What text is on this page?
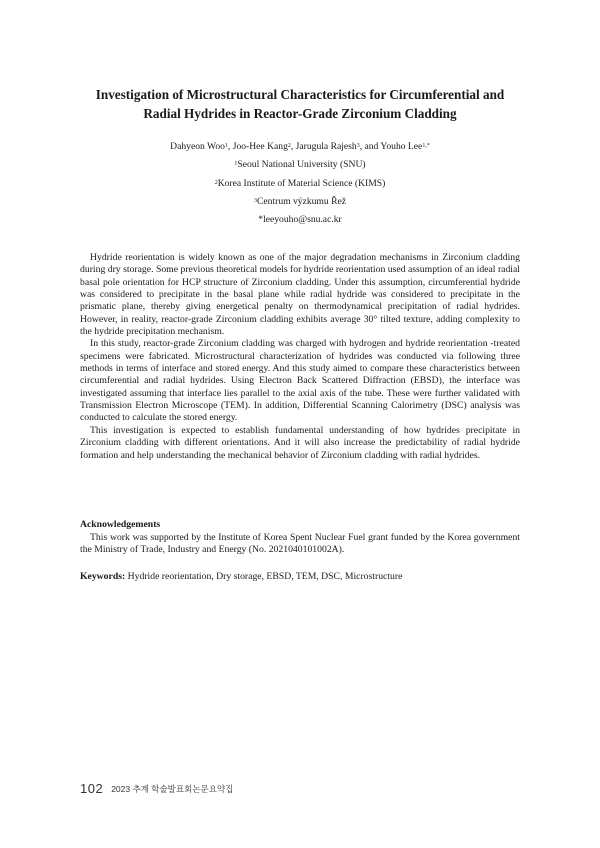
Investigation of Microstructural Characteristics for Circumferential and
Radial Hydrides in Reactor-Grade Zirconium Cladding
Dahyeon Woo$^1$, Joo-Hee Kang$^2$, Jarugula Rajesh$^3$, and Youho Lee$^{1,*}$
$^1$Seoul National University (SNU)
$^2$Korea Institute of Material Science (KIMS)
$^3$Centrum výzkumu Řež
*leeyouho@snu.ac.kr

Hydride reorientation is widely known as one of the major degradation mechanisms in Zirconium cladding during dry storage. Some previous theoretical models for hydride reorientation used assumption of an ideal radial basal pole orientation for HCP structure of Zirconium cladding. Under this assumption, circumferential hydride was considered to precipitate in the basal plane while radial hydride was considered to precipitate in the prismatic plane, thereby giving energetical penalty on thermodynamical precipitation of radial hydrides. However, in reality, reactor-grade Zirconium cladding exhibits average 30° tilted texture, adding complexity to the hydride precipitation mechanism.

In this study, reactor-grade Zirconium cladding was charged with hydrogen and hydride reorientation -treated specimens were fabricated. Microstructural characterization of hydrides was conducted via following three methods in terms of interface and stored energy. And this study aimed to compare these characteristics between circumferential and radial hydrides. Using Electron Back Scattered Diffraction (EBSD), the interface was investigated assuming that interface lies parallel to the axial axis of the tube. These were further validated with Transmission Electron Microscope (TEM). In addition, Differential Scanning Calorimetry (DSC) analysis was conducted to calculate the stored energy.

This investigation is expected to establish fundamental understanding of how hydrides precipitate in Zirconium cladding with different orientations. And it will also increase the predictability of radial hydride formation and help understanding the mechanical behavior of Zirconium cladding with radial hydrides.

Acknowledgements
This work was supported by the Institute of Korea Spent Nuclear Fuel grant funded by the Korea government the Ministry of Trade, Industry and Energy (No. 2021040101002A).
Keywords: Hydride reorientation, Dry storage, EBSD, TEM, DSC, Microstructure
102 2023 추계 학술발표회논문요약집
